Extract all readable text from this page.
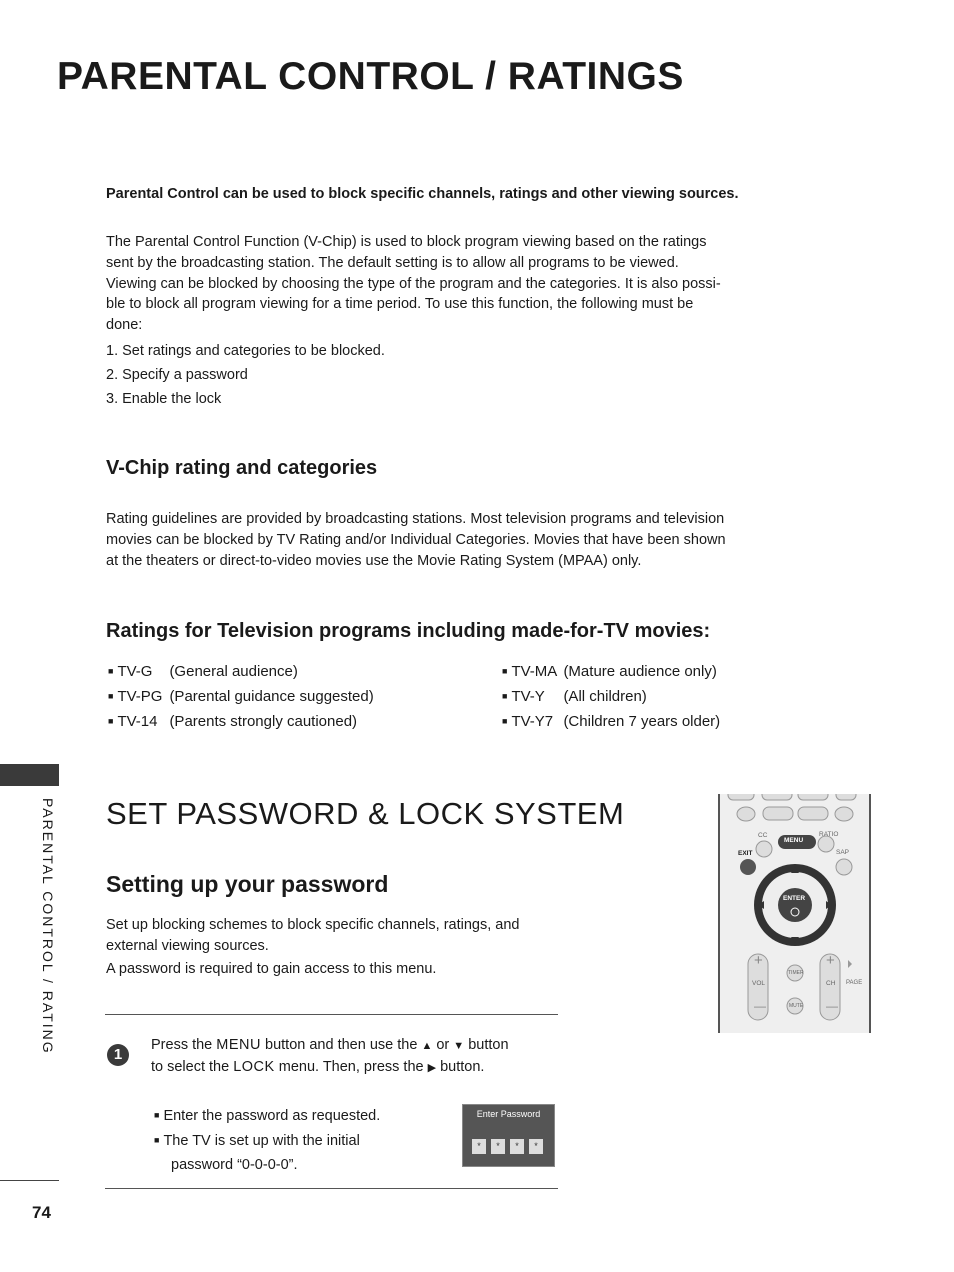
PARENTAL CONTROL / RATINGS
Parental Control can be used to block specific channels, ratings and other viewing sources.
The Parental Control Function (V-Chip) is used to block program viewing based on the ratings
sent by the broadcasting station. The default setting is to allow all programs to be viewed.
Viewing can be blocked by choosing the type of the program and the categories. It is also possi-
ble to block all program viewing for a time period. To use this function, the following must be
done:
1. Set ratings and categories to be blocked.
2. Specify a password
3. Enable the lock
V-Chip rating and categories
Rating guidelines are provided by broadcasting stations. Most television programs and television
movies can be blocked by TV Rating and/or Individual Categories. Movies that have been shown
at the theaters or direct-to-video movies use the Movie Rating System (MPAA) only.
Ratings for Television programs including made-for-TV movies:
■ TV-G (General audience)
■ TV-PG (Parental guidance suggested)
■ TV-14 (Parents strongly cautioned)
■ TV-MA (Mature audience only)
■ TV-Y (All children)
■ TV-Y7 (Children 7 years older)
PARENTAL CONTROL / RATING
74
SET PASSWORD & LOCK SYSTEM
Setting up your password
Set up blocking schemes to block specific channels, ratings, and
external viewing sources.
A password is required to gain access to this menu.
1
Press the MENU button and then use the ▲ or ▼ button
to select the LOCK menu. Then, press the ▶ button.
■ Enter the password as requested.
■ The TV is set up with the initial
password “0-0-0-0”.
Enter Password
* * * *
CC
MENU
RATIO
EXIT	SAP
ENTER
+
VOL
—
TIMER
MUTE
+
CH
—
PAGE
